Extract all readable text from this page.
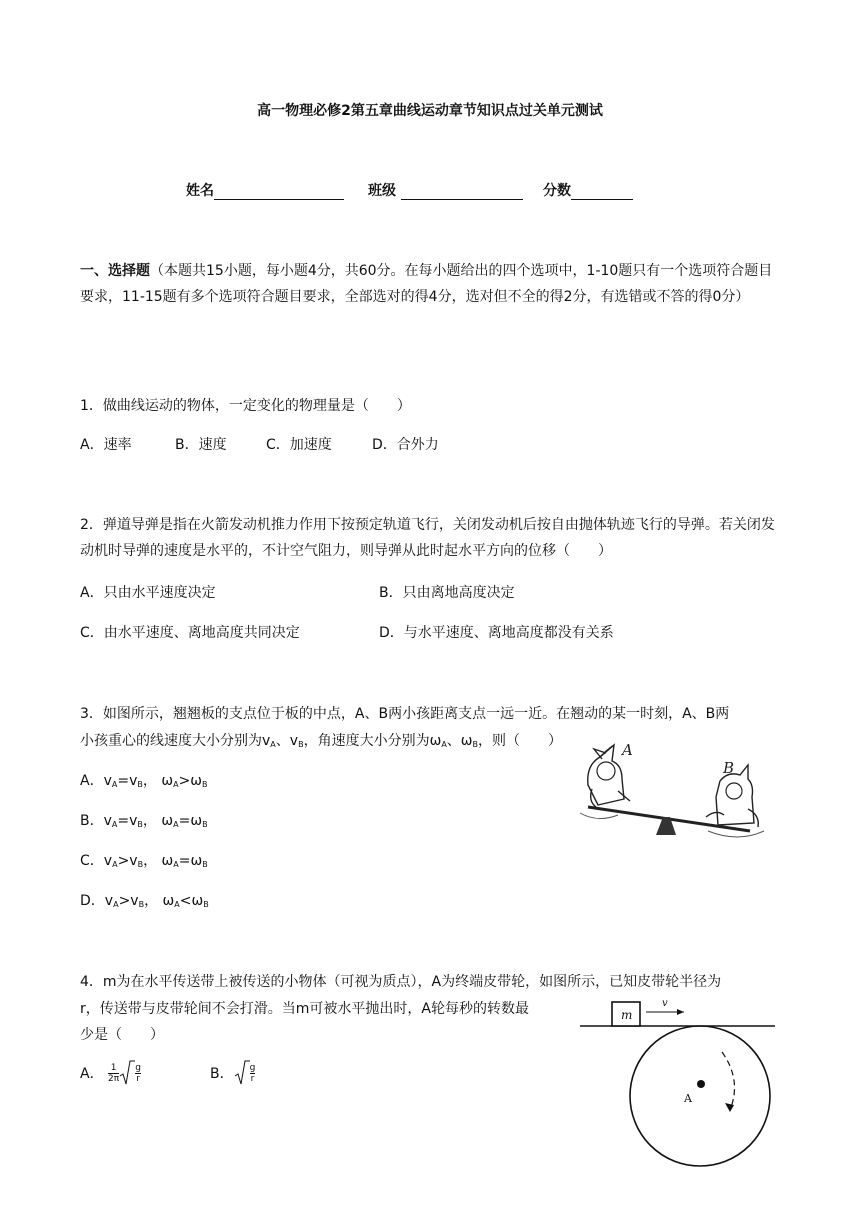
高一物理必修2第五章曲线运动章节知识点过关单元测试
姓名	班级	分数
一、选择题（本题共15小题，每小题4分，共60分。在每小题给出的四个选项中，1-10题只有一个选项符合题目要求，11-15题有多个选项符合题目要求，全部选对的得4分，选对但不全的得2分，有选错或不答的得0分）
1．做曲线运动的物体，一定变化的物理量是（　　）
A．速率	B．速度	C．加速度	D．合外力
2．弹道导弹是指在火箭发动机推力作用下按预定轨道飞行，关闭发动机后按自由抛体轨迹飞行的导弹。若关闭发动机时导弹的速度是水平的，不计空气阻力，则导弹从此时起水平方向的位移（　　）
A．只由水平速度决定	B．只由离地高度决定
C．由水平速度、离地高度共同决定	D．与水平速度、离地高度都没有关系
3．如图所示，翘翘板的支点位于板的中点，A、B两小孩距离支点一远一近。在翘动的某一时刻，A、B两
小孩重心的线速度大小分别为$v_A$、$v_B$，角速度大小分别为$\omega_A$、$\omega_B$，则（　　）
A．$v_A=v_B$， $\omega_A>\omega_B$
B．$v_A=v_B$， $\omega_A=\omega_B$
C．$v_A>v_B$， $\omega_A=\omega_B$
D．$v_A>v_B$， $\omega_A<\omega_B$
A
B
4．m为在水平传送带上被传送的小物体（可视为质点），A为终端皮带轮，如图所示，已知皮带轮半径为
r，传送带与皮带轮间不会打滑。当m可被水平抛出时，A轮每秒的转数最
少是（　　）
A． $\frac{1}{2\pi} \frac{g}{r}$	B． $\frac{g}{r}$
m
v
A
